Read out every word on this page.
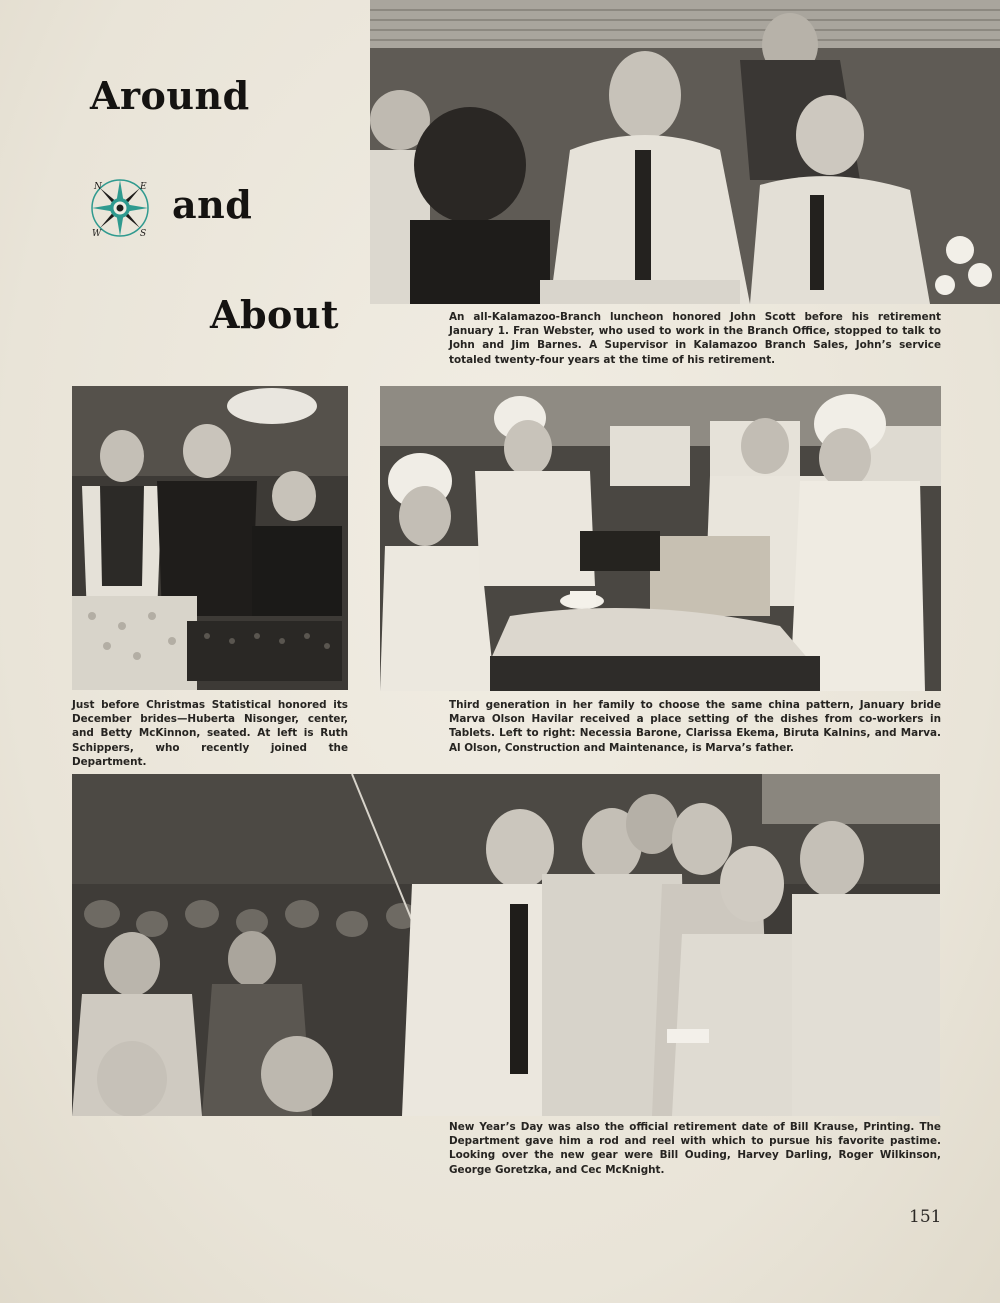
Around
N	E
S
W
and
About	An all-Kalamazoo-Branch luncheon honored John Scott before his retirement January 1. Fran Webster, who used to work in the Branch Office, stopped to talk to John and Jim Barnes. A Supervisor in Kalamazoo Branch Sales, John’s service totaled twenty-four years at the time of his retirement.
Just before Christmas Statistical honored its December brides—Huberta Nisonger, center, and Betty McKinnon, seated. At left is Ruth Schippers, who recently joined the Department.
Third generation in her family to choose the same china pattern, January bride Marva Olson Havilar received a place setting of the dishes from co-workers in Tablets. Left to right: Necessia Barone, Clarissa Ekema, Biruta Kalnins, and Marva. Al Olson, Construction and Maintenance, is Marva’s father.
New Year’s Day was also the official retirement date of Bill Krause, Printing. The Department gave him a rod and reel with which to pursue his favorite pastime. Looking over the new gear were Bill Ouding, Harvey Darling, Roger Wilkinson, George Goretzka, and Cec McKnight.
151
